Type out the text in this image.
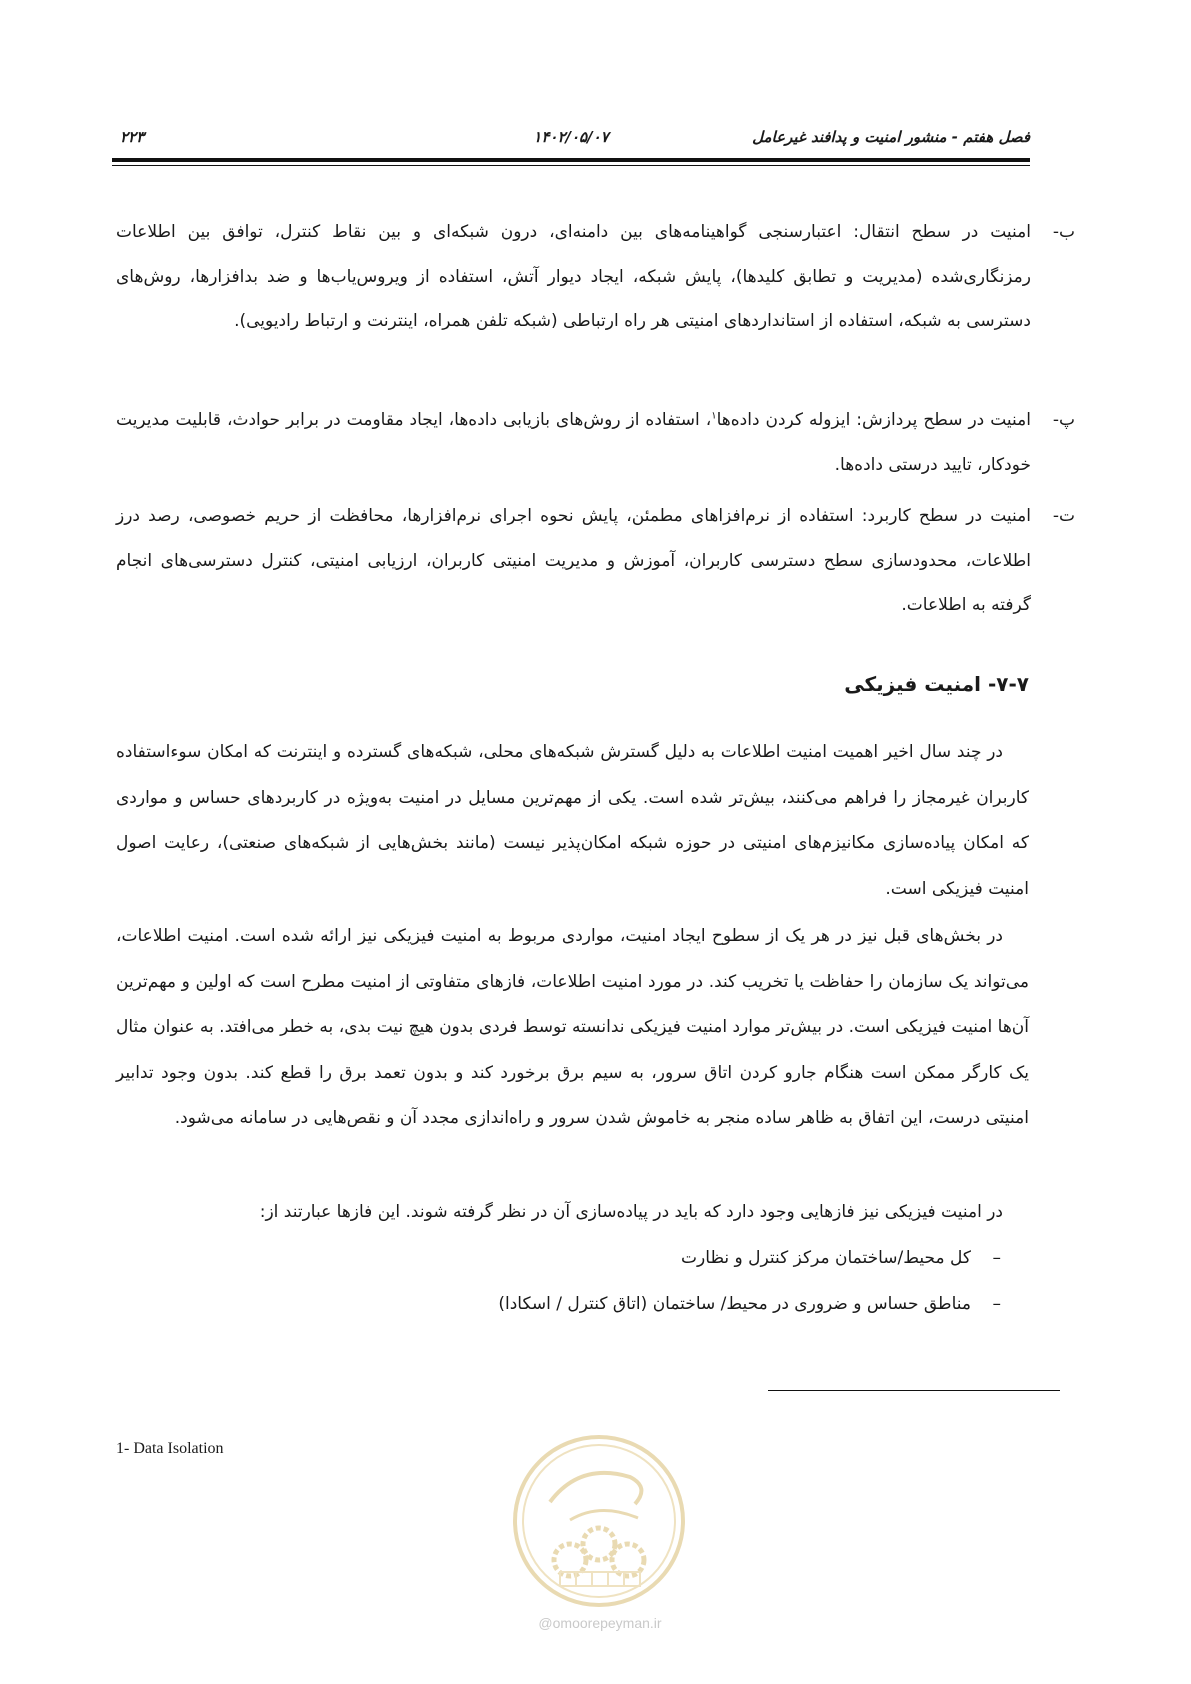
فصل هفتم - منشور امنیت و پدافند غیرعامل
۱۴۰۲/۰۵/۰۷
۲۲۳
ب-
امنیت در سطح انتقال: اعتبارسنجی گواهینامه‌های بین دامنه‌ای، درون شبکه‌ای و بین نقاط کنترل، توافق بین اطلاعات رمزنگاری‌شده (مدیریت و تطابق کلیدها)، پایش شبکه، ایجاد دیوار آتش، استفاده از ویروس‌یاب‌ها و ضد بدافزارها، روش‌های دسترسی به شبکه، استفاده از استانداردهای امنیتی هر راه ارتباطی (شبکه تلفن همراه، اینترنت و ارتباط رادیویی).
پ-
امنیت در سطح پردازش: ایزوله کردن داده‌ها$^۱$، استفاده از روش‌های بازیابی داده‌ها، ایجاد مقاومت در برابر حوادث، قابلیت مدیریت خودکار، تایید درستی داده‌ها.
ت-
امنیت در سطح کاربرد: استفاده از نرم‌افزاهای مطمئن، پایش نحوه اجرای نرم‌افزارها، محافظت از حریم خصوصی، رصد درز اطلاعات، محدودسازی سطح دسترسی کاربران، آموزش و مدیریت امنیتی کاربران، ارزیابی امنیتی، کنترل دسترسی‌های انجام گرفته به اطلاعات.
۷-۷- امنیت فیزیکی
در چند سال اخیر اهمیت امنیت اطلاعات به دلیل گسترش شبکه‌های محلی، شبکه‌های گسترده و اینترنت که امکان سوءاستفاده کاربران غیرمجاز را فراهم می‌کنند، بیش‌تر شده است. یکی از مهم‌ترین مسایل در امنیت به‌ویژه در کاربردهای حساس و مواردی که امکان پیاده‌سازی مکانیزم‌های امنیتی در حوزه شبکه امکان‌پذیر نیست (مانند بخش‌هایی از شبکه‌های صنعتی)، رعایت اصول امنیت فیزیکی است.
در بخش‌های قبل نیز در هر یک از سطوح ایجاد امنیت، مواردی مربوط به امنیت فیزیکی نیز ارائه شده است. امنیت اطلاعات، می‌تواند یک سازمان را حفاظت یا تخریب کند. در مورد امنیت اطلاعات، فازهای متفاوتی از امنیت مطرح است که اولین و مهم‌ترین آن‌ها امنیت فیزیکی است. در بیش‌تر موارد امنیت فیزیکی ندانسته توسط فردی بدون هیچ نیت بدی، به خطر می‌افتد. به عنوان مثال یک کارگر ممکن است هنگام جارو کردن اتاق سرور، به سیم برق برخورد کند و بدون تعمد برق را قطع کند. بدون وجود تدابیر امنیتی درست، این اتفاق به ظاهر ساده منجر به خاموش شدن سرور و راه‌اندازی مجدد آن و نقص‌هایی در سامانه می‌شود.
در امنیت فیزیکی نیز فازهایی وجود دارد که باید در پیاده‌سازی آن در نظر گرفته شوند. این فازها عبارتند از:
–کل محیط/ساختمان مرکز کنترل و نظارت
–مناطق حساس و ضروری در محیط/ ساختمان (اتاق کنترل / اسکادا)
1- Data Isolation
@omoorepeyman.ir
